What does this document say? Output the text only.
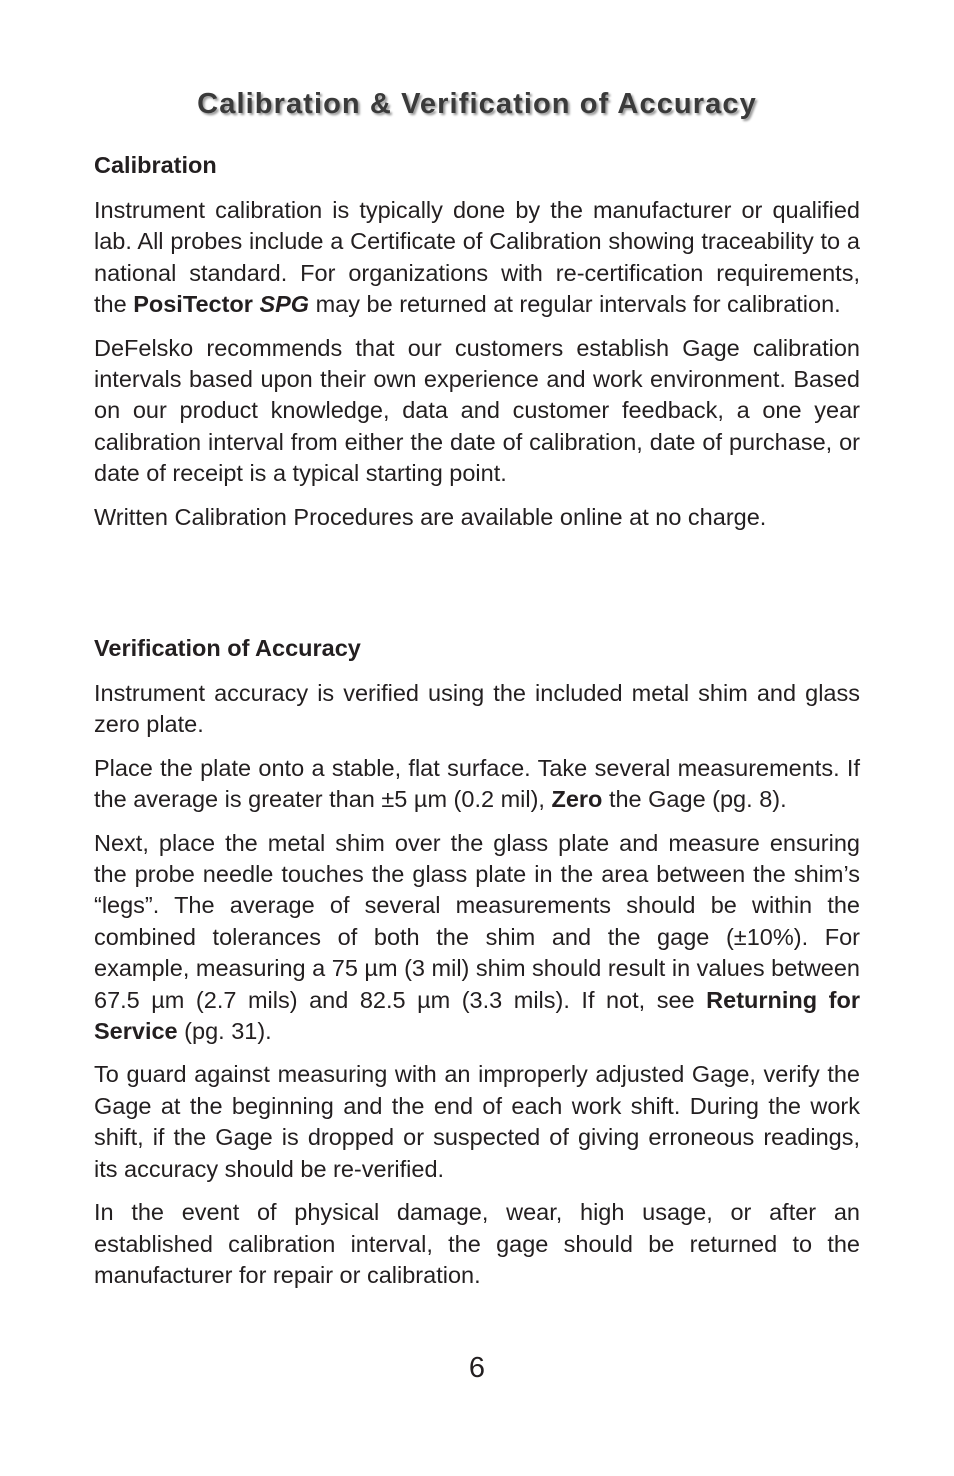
Calibration & Verification of Accuracy
Calibration

Instrument calibration is typically done by the manufacturer or qualified lab. All probes include a Certificate of Calibration showing traceability to a national standard. For organizations with re-certification requirements, the PosiTector SPG may be returned at regular intervals for calibration.

DeFelsko recommends that our customers establish Gage calibration intervals based upon their own experience and work environment. Based on our product knowledge, data and customer feedback, a one year calibration interval from either the date of calibration, date of purchase, or date of receipt is a typical starting point.

Written Calibration Procedures are available online at no charge.

Verification of Accuracy

Instrument accuracy is verified using the included metal shim and glass zero plate.

Place the plate onto a stable, flat surface. Take several measurements. If the average is greater than ±5 µm (0.2 mil), Zero the Gage (pg. 8).

Next, place the metal shim over the glass plate and measure ensuring the probe needle touches the glass plate in the area between the shim’s “legs”. The average of several measurements should be within the combined tolerances of both the shim and the gage (±10%). For example, measuring a 75 µm (3 mil) shim should result in values between 67.5 µm (2.7 mils) and 82.5 µm (3.3 mils). If not, see Returning for Service (pg. 31).

To guard against measuring with an improperly adjusted Gage, verify the Gage at the beginning and the end of each work shift. During the work shift, if the Gage is dropped or suspected of giving erroneous readings, its accuracy should be re-verified.

In the event of physical damage, wear, high usage, or after an established calibration interval, the gage should be returned to the manufacturer for repair or calibration.

6
